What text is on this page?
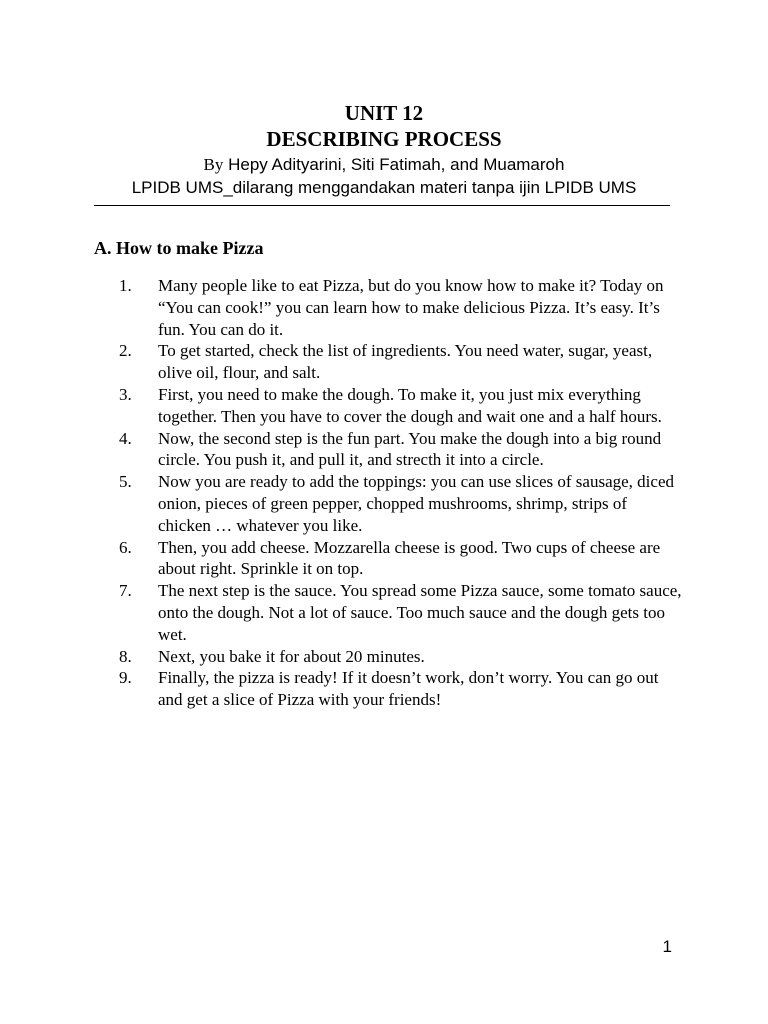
UNIT 12
DESCRIBING PROCESS
By Hepy Adityarini, Siti Fatimah, and Muamaroh
LPIDB UMS_dilarang menggandakan materi tanpa ijin LPIDB UMS
A. How to make Pizza
1. Many people like to eat Pizza, but do you know how to make it? Today on “You can cook!” you can learn how to make delicious Pizza. It’s easy. It’s fun. You can do it.
2. To get started, check the list of ingredients. You need water, sugar, yeast, olive oil, flour, and salt.
3. First, you need to make the dough. To make it, you just mix everything together. Then you have to cover the dough and wait one and a half hours.
4. Now, the second step is the fun part. You make the dough into a big round circle. You push it, and pull it, and strecth it into a circle.
5. Now you are ready to add the toppings: you can use slices of sausage, diced onion, pieces of green pepper, chopped mushrooms, shrimp, strips of chicken … whatever you like.
6. Then, you add cheese. Mozzarella cheese is good. Two cups of cheese are about right. Sprinkle it on top.
7. The next step is the sauce. You spread some Pizza sauce, some tomato sauce, onto the dough. Not a lot of sauce. Too much sauce and the dough gets too wet.
8. Next, you bake it for about 20 minutes.
9. Finally, the pizza is ready! If it doesn’t work, don’t worry. You can go out and get a slice of Pizza with your friends!
1
